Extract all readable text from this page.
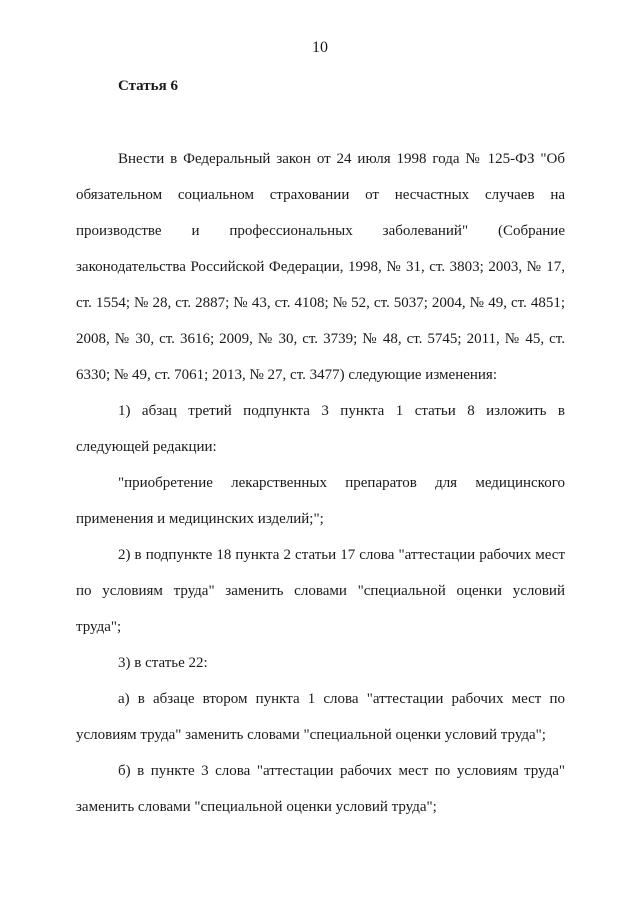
10
Статья 6

Внести в Федеральный закон от 24 июля 1998 года № 125-ФЗ "Об обязательном социальном страховании от несчастных случаев на производстве и профессиональных заболеваний" (Собрание законодательства Российской Федерации, 1998, № 31, ст. 3803; 2003, № 17, ст. 1554; № 28, ст. 2887; № 43, ст. 4108; № 52, ст. 5037; 2004, № 49, ст. 4851; 2008, № 30, ст. 3616; 2009, № 30, ст. 3739; № 48, ст. 5745; 2011, № 45, ст. 6330; № 49, ст. 7061; 2013, № 27, ст. 3477) следующие изменения:

1) абзац третий подпункта 3 пункта 1 статьи 8 изложить в следующей редакции:

"приобретение лекарственных препаратов для медицинского применения и медицинских изделий;";

2) в подпункте 18 пункта 2 статьи 17 слова "аттестации рабочих мест по условиям труда" заменить словами "специальной оценки условий труда";

3) в статье 22:

а) в абзаце втором пункта 1 слова "аттестации рабочих мест по условиям труда" заменить словами "специальной оценки условий труда";

б) в пункте 3 слова "аттестации рабочих мест по условиям труда" заменить словами "специальной оценки условий труда";
